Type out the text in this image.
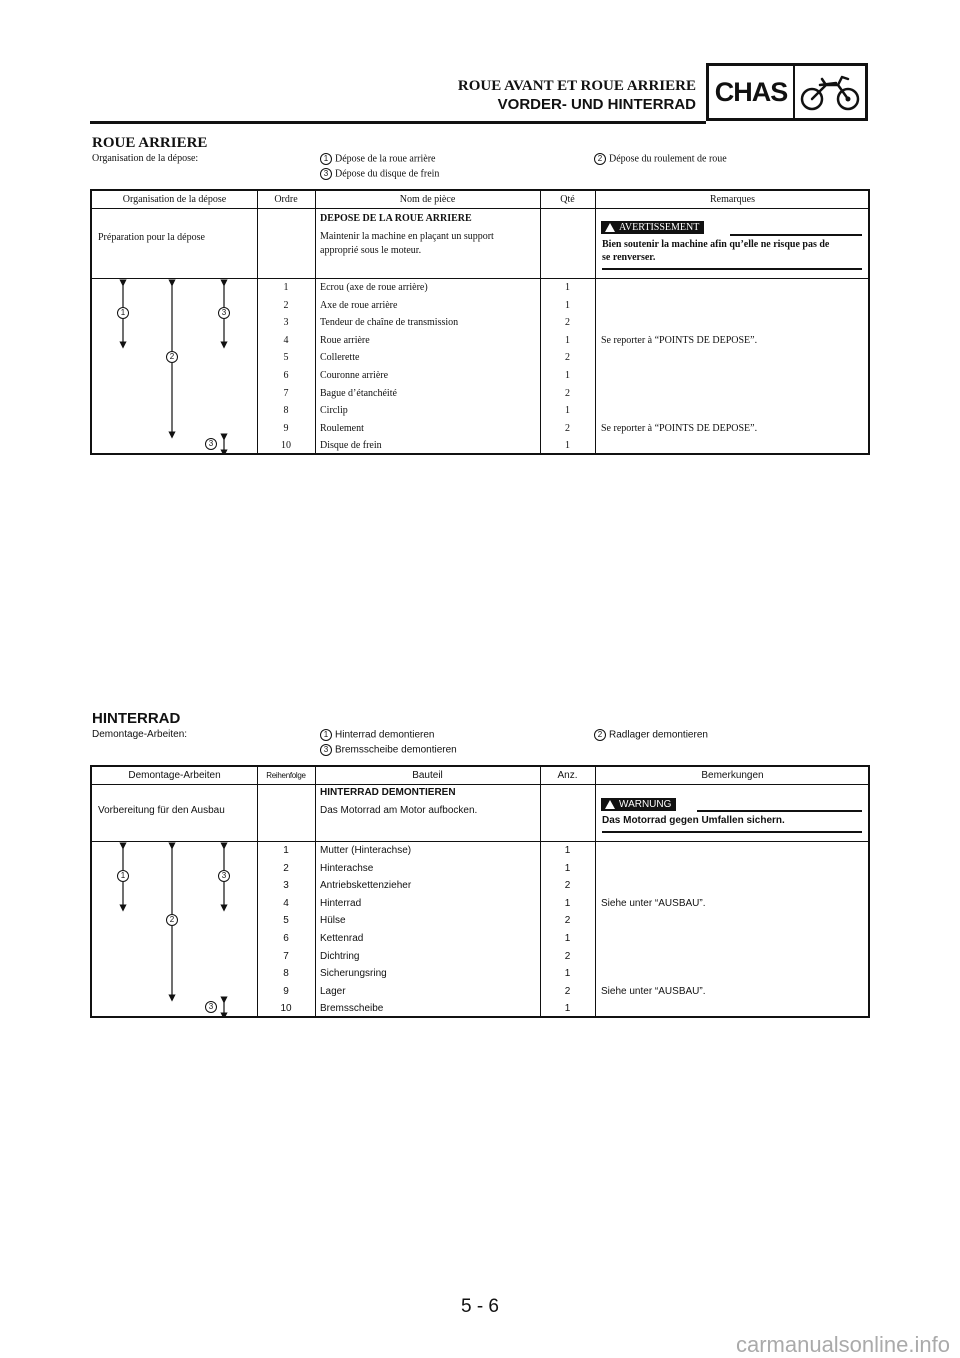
ROUE AVANT ET ROUE ARRIERE
VORDER- UND HINTERRAD CHAS
ROUE ARRIERE
Organisation de la dépose:	1 Dépose de la roue arrière	2 Dépose du roulement de roue
3 Dépose du disque de frein
Organisation de la dépose	Ordre	Nom de pièce	Qté	Remarques
Préparation pour la dépose
DEPOSE DE LA ROUE ARRIERE
Maintenir la machine en plaçant un support
approprié sous le moteur.
AVERTISSEMENT
Bien soutenir la machine afin qu’elle ne risque pas de
se renverser.
1	Ecrou (axe de roue arrière)	1
2	Axe de roue arrière	1
3	Tendeur de chaîne de transmission	2
4	Roue arrière	1	Se reporter à “POINTS DE DEPOSE”.
5	Collerette	2
6	Couronne arrière	1
7	Bague d’étanchéité	2
8	Circlip	1
9	Roulement	2	Se reporter à “POINTS DE DEPOSE”.
10	Disque de frein	1
1
2
3
3
HINTERRAD
Demontage-Arbeiten:	1 Hinterrad demontieren	2 Radlager demontieren
3 Bremsscheibe demontieren
Demontage-Arbeiten	Reihenfolge	Bauteil	Anz.	Bemerkungen
Vorbereitung für den Ausbau
HINTERRAD DEMONTIEREN
Das Motorrad am Motor aufbocken.
WARNUNG
Das Motorrad gegen Umfallen sichern.
1	Mutter (Hinterachse)	1
2	Hinterachse	1
3	Antriebskettenzieher	2
4	Hinterrad	1	Siehe unter “AUSBAU”.
5	Hülse	2
6	Kettenrad	1
7	Dichtring	2
8	Sicherungsring	1
9	Lager	2	Siehe unter “AUSBAU”.
10	Bremsscheibe	1
1
2
3
3
5 - 6
carmanualsonline.info
